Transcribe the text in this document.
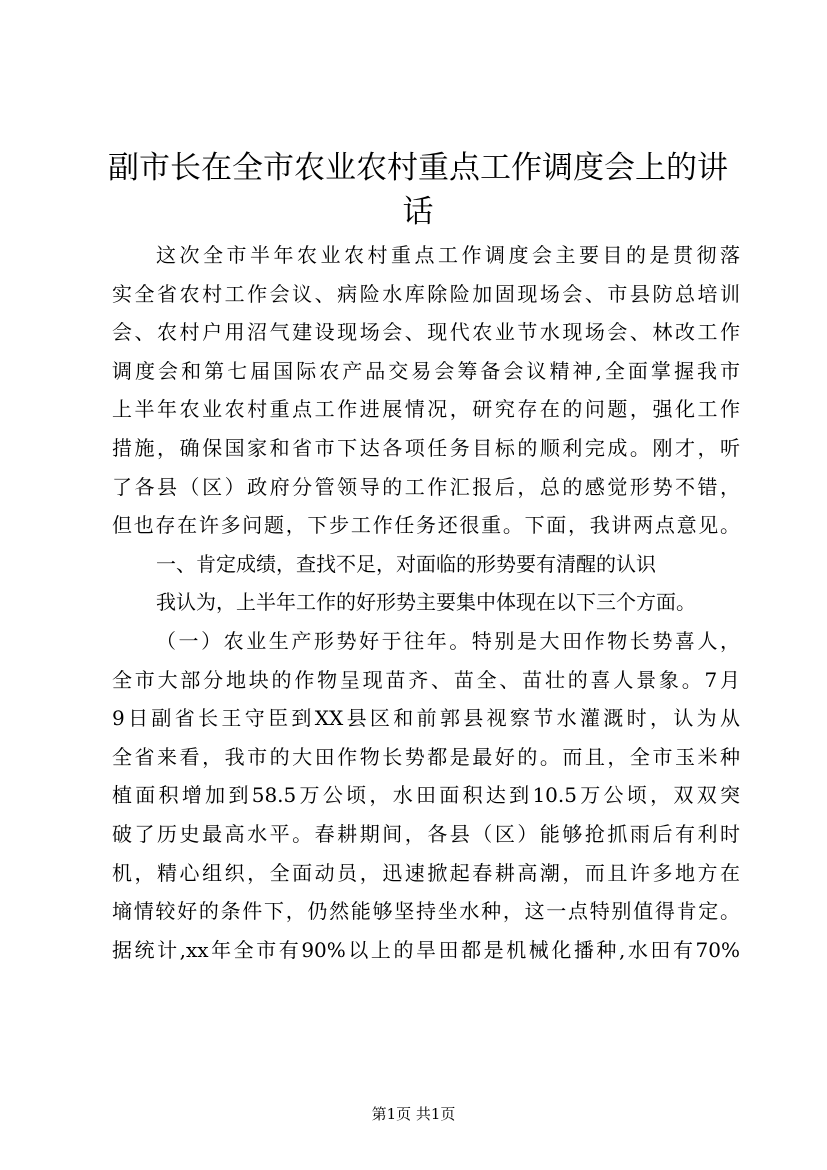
副市长在全市农业农村重点工作调度会上的讲
话
这次全市半年农业农村重点工作调度会主要目的是贯彻落
实全省农村工作会议、病险水库除险加固现场会、市县防总培训
会、农村户用沼气建设现场会、现代农业节水现场会、林改工作
调度会和第七届国际农产品交易会筹备会议精神,全面掌握我市
上半年农业农村重点工作进展情况，研究存在的问题，强化工作
措施，确保国家和省市下达各项任务目标的顺利完成。刚才，听
了各县（区）政府分管领导的工作汇报后，总的感觉形势不错，
但也存在许多问题，下步工作任务还很重。下面，我讲两点意见。
一、肯定成绩，查找不足，对面临的形势要有清醒的认识
我认为，上半年工作的好形势主要集中体现在以下三个方面。
（一）农业生产形势好于往年。特别是大田作物长势喜人，
全市大部分地块的作物呈现苗齐、苗全、苗壮的喜人景象。7月
9日副省长王守臣到XX县区和前郭县视察节水灌溉时，认为从
全省来看，我市的大田作物长势都是最好的。而且，全市玉米种
植面积增加到58.5万公顷，水田面积达到10.5万公顷，双双突
破了历史最高水平。春耕期间，各县（区）能够抢抓雨后有利时
机，精心组织，全面动员，迅速掀起春耕高潮，而且许多地方在
墒情较好的条件下，仍然能够坚持坐水种，这一点特别值得肯定。
据统计,xx年全市有90%以上的旱田都是机械化播种,水田有70%
第1页 共1页
